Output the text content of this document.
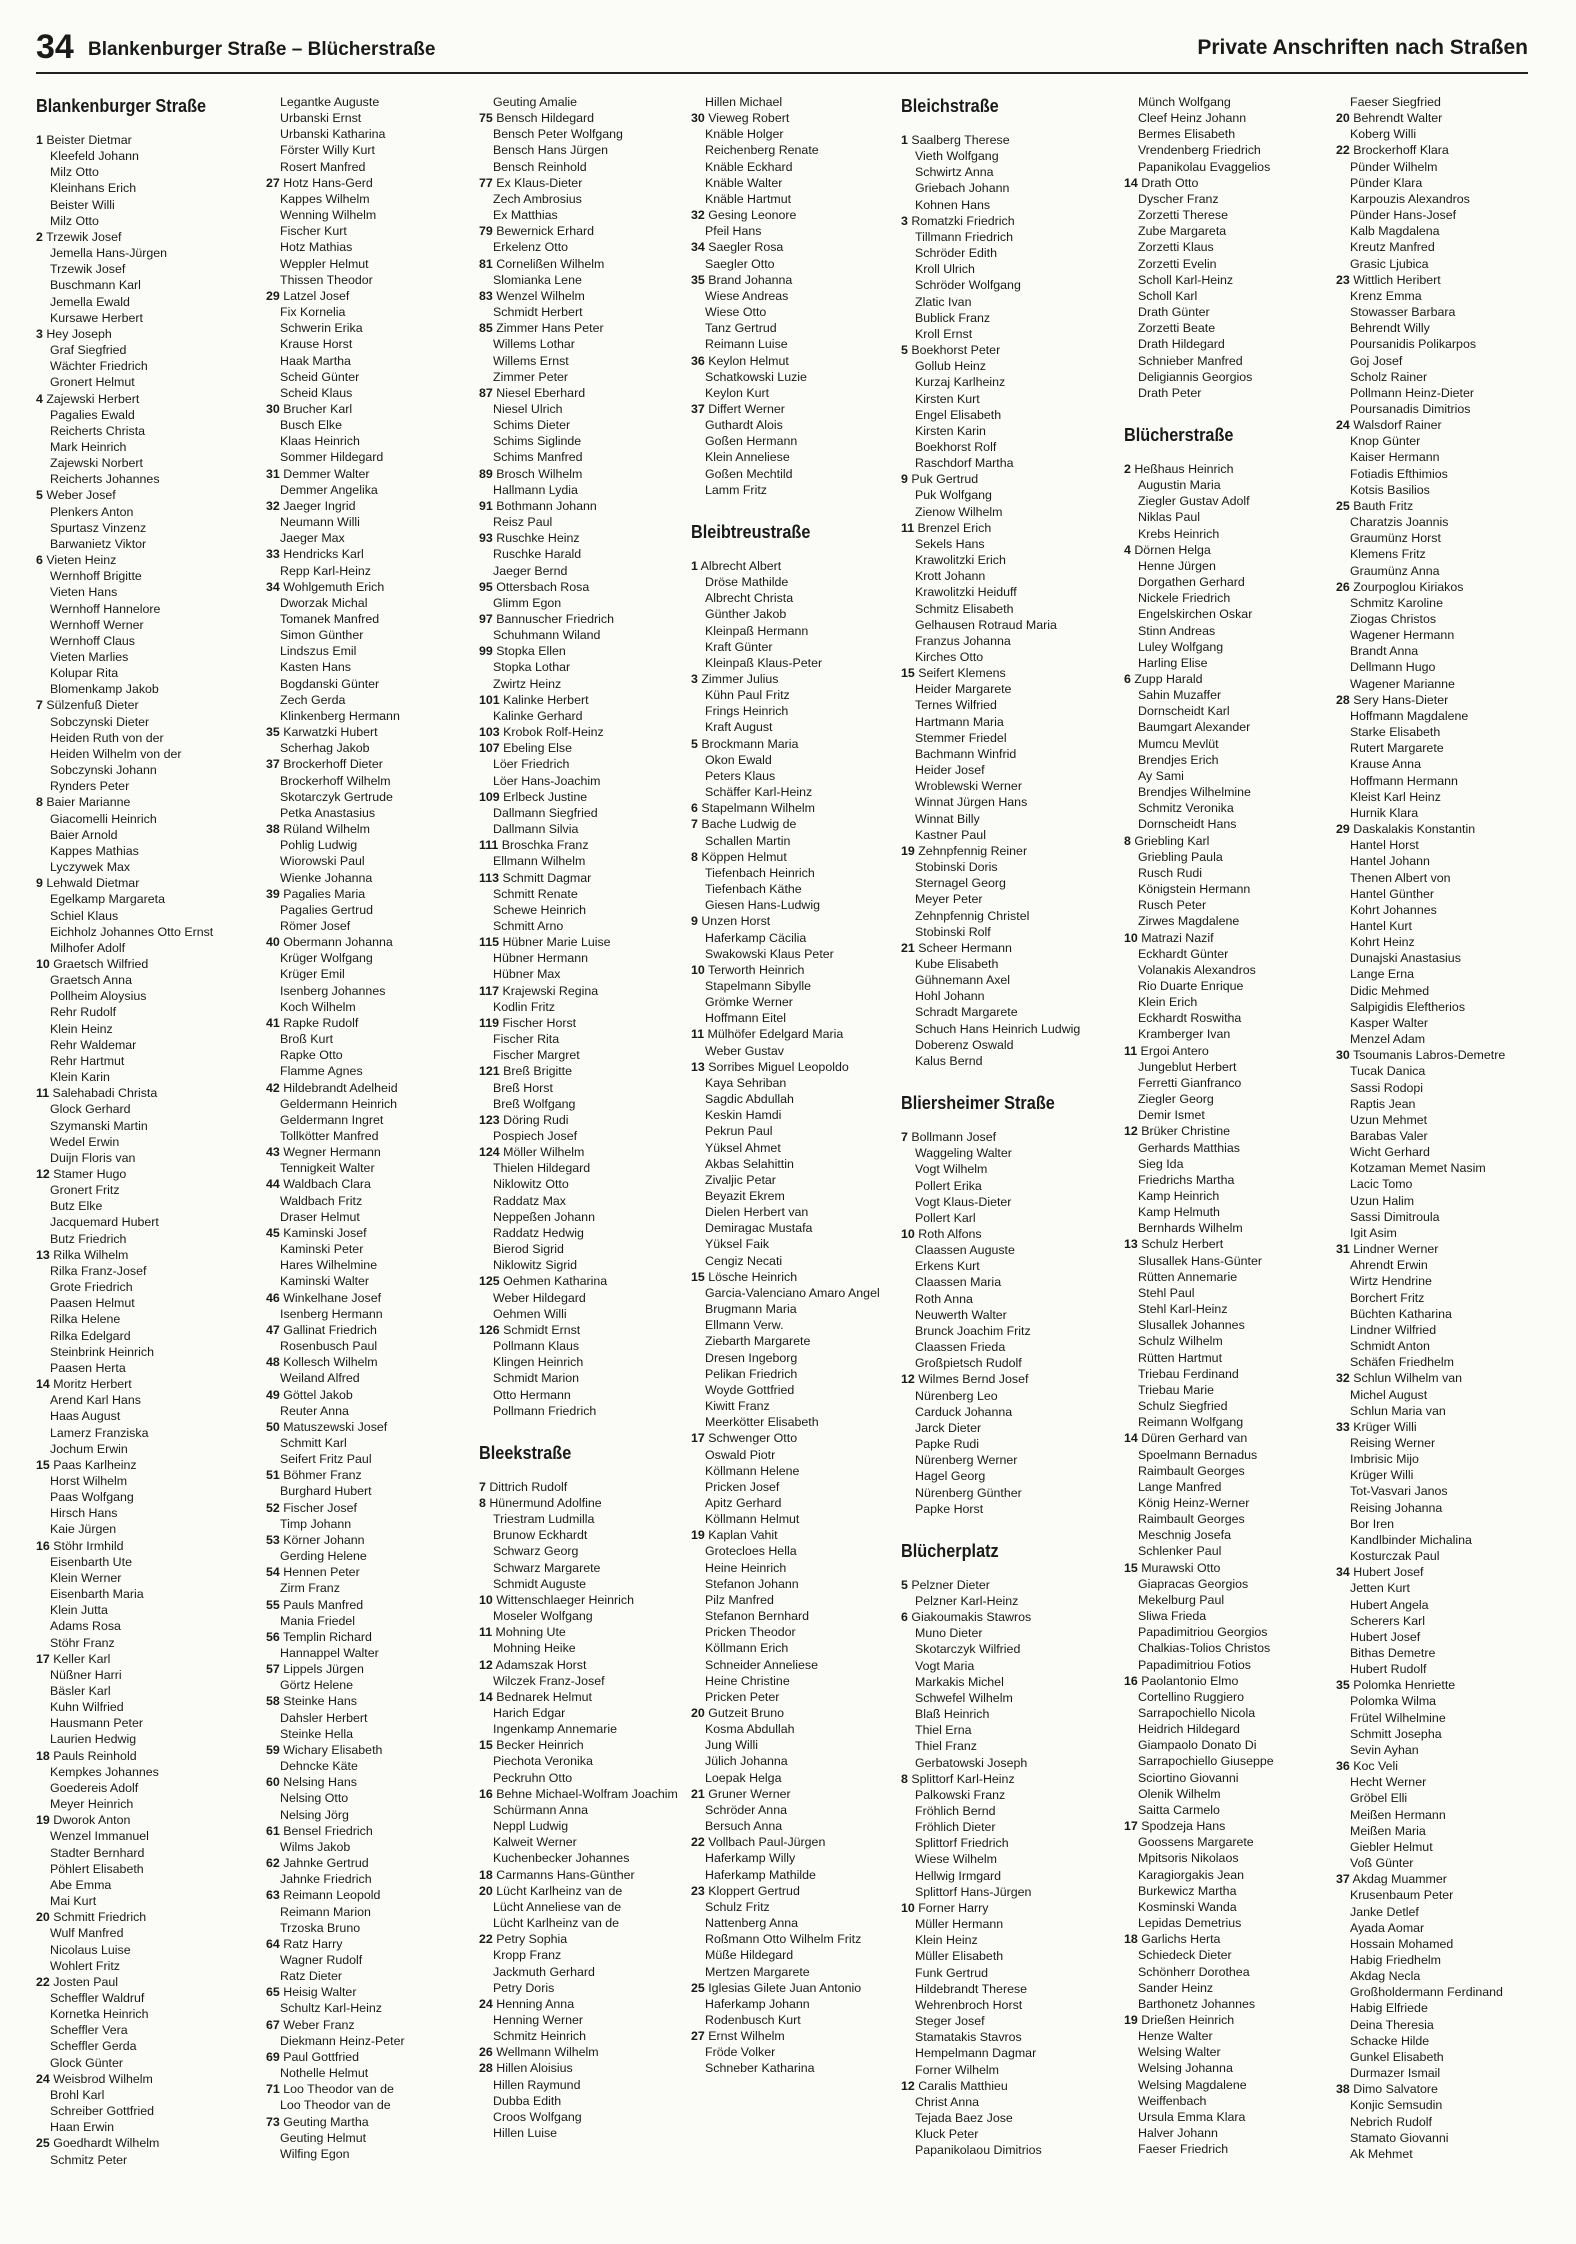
34 Blankenburger Straße – Blücherstraße	Private Anschriften nach Straßen
Blankenburger Straße
1 Beister Dietmar
Kleefeld Johann
Milz Otto
Kleinhans Erich
Beister Willi
Milz Otto
2 Trzewik Josef
Jemella Hans-Jürgen
Trzewik Josef
Buschmann Karl
Jemella Ewald
Kursawe Herbert
3 Hey Joseph
Graf Siegfried
Wächter Friedrich
Gronert Helmut
4 Zajewski Herbert
Pagalies Ewald
Reicherts Christa
Mark Heinrich
Zajewski Norbert
Reicherts Johannes
5 Weber Josef
Plenkers Anton
Spurtasz Vinzenz
Barwanietz Viktor
6 Vieten Heinz
Wernhoff Brigitte
Vieten Hans
Wernhoff Hannelore
Wernhoff Werner
Wernhoff Claus
Vieten Marlies
Kolupar Rita
Blomenkamp Jakob
7 Sülzenfuß Dieter
Sobczynski Dieter
Heiden Ruth von der
Heiden Wilhelm von der
Sobczynski Johann
Rynders Peter
8 Baier Marianne
Giacomelli Heinrich
Baier Arnold
Kappes Mathias
Lyczywek Max
9 Lehwald Dietmar
Egelkamp Margareta
Schiel Klaus
Eichholz Johannes Otto Ernst
Milhofer Adolf
10 Graetsch Wilfried
Graetsch Anna
Pollheim Aloysius
Rehr Rudolf
Klein Heinz
Rehr Waldemar
Rehr Hartmut
Klein Karin
11 Salehabadi Christa
Glock Gerhard
Szymanski Martin
Wedel Erwin
Duijn Floris van
12 Stamer Hugo
Gronert Fritz
Butz Elke
Jacquemard Hubert
Butz Friedrich
13 Rilka Wilhelm
Rilka Franz-Josef
Grote Friedrich
Paasen Helmut
Rilka Helene
Rilka Edelgard
Steinbrink Heinrich
Paasen Herta
14 Moritz Herbert
Arend Karl Hans
Haas August
Lamerz Franziska
Jochum Erwin
15 Paas Karlheinz
Horst Wilhelm
Paas Wolfgang
Hirsch Hans
Kaie Jürgen
16 Stöhr Irmhild
Eisenbarth Ute
Klein Werner
Eisenbarth Maria
Klein Jutta
Adams Rosa
Stöhr Franz
17 Keller Karl
Nüßner Harri
Bäsler Karl
Kuhn Wilfried
Hausmann Peter
Laurien Hedwig
18 Pauls Reinhold
Kempkes Johannes
Goedereis Adolf
Meyer Heinrich
19 Dworok Anton
Wenzel Immanuel
Stadter Bernhard
Pöhlert Elisabeth
Abe Emma
Mai Kurt
20 Schmitt Friedrich
Wulf Manfred
Nicolaus Luise
Wohlert Fritz
22 Josten Paul
Scheffler Waldruf
Kornetka Heinrich
Scheffler Vera
Scheffler Gerda
Glock Günter
24 Weisbrod Wilhelm
Brohl Karl
Schreiber Gottfried
Haan Erwin
25 Goedhardt Wilhelm
Schmitz Peter
Legantke Auguste
Urbanski Ernst
Urbanski Katharina
Förster Willy Kurt
Rosert Manfred
27 Hotz Hans-Gerd
Kappes Wilhelm
Wenning Wilhelm
Fischer Kurt
Hotz Mathias
Weppler Helmut
Thissen Theodor
29 Latzel Josef
Fix Kornelia
Schwerin Erika
Krause Horst
Haak Martha
Scheid Günter
Scheid Klaus
30 Brucher Karl
Busch Elke
Klaas Heinrich
Sommer Hildegard
31 Demmer Walter
Demmer Angelika
32 Jaeger Ingrid
Neumann Willi
Jaeger Max
33 Hendricks Karl
Repp Karl-Heinz
34 Wohlgemuth Erich
Dworzak Michal
Tomanek Manfred
Simon Günther
Lindszus Emil
Kasten Hans
Bogdanski Günter
Zech Gerda
Klinkenberg Hermann
35 Karwatzki Hubert
Scherhag Jakob
37 Brockerhoff Dieter
Brockerhoff Wilhelm
Skotarczyk Gertrude
Petka Anastasius
38 Rüland Wilhelm
Pohlig Ludwig
Wiorowski Paul
Wienke Johanna
39 Pagalies Maria
Pagalies Gertrud
Römer Josef
40 Obermann Johanna
Krüger Wolfgang
Krüger Emil
Isenberg Johannes
Koch Wilhelm
41 Rapke Rudolf
Broß Kurt
Rapke Otto
Flamme Agnes
42 Hildebrandt Adelheid
Geldermann Heinrich
Geldermann Ingret
Tollkötter Manfred
43 Wegner Hermann
Tennigkeit Walter
44 Waldbach Clara
Waldbach Fritz
Draser Helmut
45 Kaminski Josef
Kaminski Peter
Hares Wilhelmine
Kaminski Walter
46 Winkelhane Josef
Isenberg Hermann
47 Gallinat Friedrich
Rosenbusch Paul
48 Kollesch Wilhelm
Weiland Alfred
49 Göttel Jakob
Reuter Anna
50 Matuszewski Josef
Schmitt Karl
Seifert Fritz Paul
51 Böhmer Franz
Burghard Hubert
52 Fischer Josef
Timp Johann
53 Körner Johann
Gerding Helene
54 Hennen Peter
Zirm Franz
55 Pauls Manfred
Mania Friedel
56 Templin Richard
Hannappel Walter
57 Lippels Jürgen
Görtz Helene
58 Steinke Hans
Dahsler Herbert
Steinke Hella
59 Wichary Elisabeth
Dehncke Käte
60 Nelsing Hans
Nelsing Otto
Nelsing Jörg
61 Bensel Friedrich
Wilms Jakob
62 Jahnke Gertrud
Jahnke Friedrich
63 Reimann Leopold
Reimann Marion
Trzoska Bruno
64 Ratz Harry
Wagner Rudolf
Ratz Dieter
65 Heisig Walter
Schultz Karl-Heinz
67 Weber Franz
Diekmann Heinz-Peter
69 Paul Gottfried
Nothelle Helmut
71 Loo Theodor van de
Loo Theodor van de
73 Geuting Martha
Geuting Helmut
Wilfing Egon
Geuting Amalie
75 Bensch Hildegard
Bensch Peter Wolfgang
Bensch Hans Jürgen
Bensch Reinhold
77 Ex Klaus-Dieter
Zech Ambrosius
Ex Matthias
79 Bewernick Erhard
Erkelenz Otto
81 Cornelißen Wilhelm
Slomianka Lene
83 Wenzel Wilhelm
Schmidt Herbert
85 Zimmer Hans Peter
Willems Lothar
Willems Ernst
Zimmer Peter
87 Niesel Eberhard
Niesel Ulrich
Schims Dieter
Schims Siglinde
Schims Manfred
89 Brosch Wilhelm
Hallmann Lydia
91 Bothmann Johann
Reisz Paul
93 Ruschke Heinz
Ruschke Harald
Jaeger Bernd
95 Ottersbach Rosa
Glimm Egon
97 Bannuscher Friedrich
Schuhmann Wiland
99 Stopka Ellen
Stopka Lothar
Zwirtz Heinz
101 Kalinke Herbert
Kalinke Gerhard
103 Krobok Rolf-Heinz
107 Ebeling Else
Löer Friedrich
Löer Hans-Joachim
109 Erlbeck Justine
Dallmann Siegfried
Dallmann Silvia
111 Broschka Franz
Ellmann Wilhelm
113 Schmitt Dagmar
Schmitt Renate
Schewe Heinrich
Schmitt Arno
115 Hübner Marie Luise
Hübner Hermann
Hübner Max
117 Krajewski Regina
Kodlin Fritz
119 Fischer Horst
Fischer Rita
Fischer Margret
121 Breß Brigitte
Breß Horst
Breß Wolfgang
123 Döring Rudi
Pospiech Josef
124 Möller Wilhelm
Thielen Hildegard
Niklowitz Otto
Raddatz Max
Neppeßen Johann
Raddatz Hedwig
Bierod Sigrid
Niklowitz Sigrid
125 Oehmen Katharina
Weber Hildegard
Oehmen Willi
126 Schmidt Ernst
Pollmann Klaus
Klingen Heinrich
Schmidt Marion
Otto Hermann
Pollmann Friedrich
Bleekstraße
7 Dittrich Rudolf
8 Hünermund Adolfine
Triestram Ludmilla
Brunow Eckhardt
Schwarz Georg
Schwarz Margarete
Schmidt Auguste
10 Wittenschlaeger Heinrich
Moseler Wolfgang
11 Mohning Ute
Mohning Heike
12 Adamszak Horst
Wilczek Franz-Josef
14 Bednarek Helmut
Harich Edgar
Ingenkamp Annemarie
15 Becker Heinrich
Piechota Veronika
Peckruhn Otto
16 Behne Michael-Wolfram Joachim
Schürmann Anna
Neppl Ludwig
Kalweit Werner
Kuchenbecker Johannes
18 Carmanns Hans-Günther
20 Lücht Karlheinz van de
Lücht Anneliese van de
Lücht Karlheinz van de
22 Petry Sophia
Kropp Franz
Jackmuth Gerhard
Petry Doris
24 Henning Anna
Henning Werner
Schmitz Heinrich
26 Wellmann Wilhelm
28 Hillen Aloisius
Hillen Raymund
Dubba Edith
Croos Wolfgang
Hillen Luise
Hillen Michael
30 Vieweg Robert
Knäble Holger
Reichenberg Renate
Knäble Eckhard
Knäble Walter
Knäble Hartmut
32 Gesing Leonore
Pfeil Hans
34 Saegler Rosa
Saegler Otto
35 Brand Johanna
Wiese Andreas
Wiese Otto
Tanz Gertrud
Reimann Luise
36 Keylon Helmut
Schatkowski Luzie
Keylon Kurt
37 Differt Werner
Guthardt Alois
Goßen Hermann
Klein Anneliese
Goßen Mechtild
Lamm Fritz
Bleibtreustraße
1 Albrecht Albert
Dröse Mathilde
Albrecht Christa
Günther Jakob
Kleinpaß Hermann
Kraft Günter
Kleinpaß Klaus-Peter
3 Zimmer Julius
Kühn Paul Fritz
Frings Heinrich
Kraft August
5 Brockmann Maria
Okon Ewald
Peters Klaus
Schäffer Karl-Heinz
6 Stapelmann Wilhelm
7 Bache Ludwig de
Schallen Martin
8 Köppen Helmut
Tiefenbach Heinrich
Tiefenbach Käthe
Giesen Hans-Ludwig
9 Unzen Horst
Haferkamp Cäcilia
Swakowski Klaus Peter
10 Terworth Heinrich
Stapelmann Sibylle
Grömke Werner
Hoffmann Eitel
11 Mülhöfer Edelgard Maria
Weber Gustav
13 Sorribes Miguel Leopoldo
Kaya Sehriban
Sagdic Abdullah
Keskin Hamdi
Pekrun Paul
Yüksel Ahmet
Akbas Selahittin
Zivaljic Petar
Beyazit Ekrem
Dielen Herbert van
Demiragac Mustafa
Yüksel Faik
Cengiz Necati
15 Lösche Heinrich
Garcia-Valenciano Amaro Angel
Brugmann Maria
Ellmann Verw.
Ziebarth Margarete
Dresen Ingeborg
Pelikan Friedrich
Woyde Gottfried
Kiwitt Franz
Meerkötter Elisabeth
17 Schwenger Otto
Oswald Piotr
Köllmann Helene
Pricken Josef
Apitz Gerhard
Köllmann Helmut
19 Kaplan Vahit
Grotecloes Hella
Heine Heinrich
Stefanon Johann
Pilz Manfred
Stefanon Bernhard
Pricken Theodor
Köllmann Erich
Schneider Anneliese
Heine Christine
Pricken Peter
20 Gutzeit Bruno
Kosma Abdullah
Jung Willi
Jülich Johanna
Loepak Helga
21 Gruner Werner
Schröder Anna
Bersuch Anna
22 Vollbach Paul-Jürgen
Haferkamp Willy
Haferkamp Mathilde
23 Kloppert Gertrud
Schulz Fritz
Nattenberg Anna
Roßmann Otto Wilhelm Fritz
Müße Hildegard
Mertzen Margarete
25 Iglesias Gilete Juan Antonio
Haferkamp Johann
Rodenbusch Kurt
27 Ernst Wilhelm
Fröde Volker
Schneber Katharina
Bleichstraße
1 Saalberg Therese
Vieth Wolfgang
Schwirtz Anna
Griebach Johann
Kohnen Hans
3 Romatzki Friedrich
Tillmann Friedrich
Schröder Edith
Kroll Ulrich
Schröder Wolfgang
Zlatic Ivan
Bublick Franz
Kroll Ernst
5 Boekhorst Peter
Gollub Heinz
Kurzaj Karlheinz
Kirsten Kurt
Engel Elisabeth
Kirsten Karin
Boekhorst Rolf
Raschdorf Martha
9 Puk Gertrud
Puk Wolfgang
Zienow Wilhelm
11 Brenzel Erich
Sekels Hans
Krawolitzki Erich
Krott Johann
Krawolitzki Heiduff
Schmitz Elisabeth
Gelhausen Rotraud Maria
Franzus Johanna
Kirches Otto
15 Seifert Klemens
Heider Margarete
Ternes Wilfried
Hartmann Maria
Stemmer Friedel
Bachmann Winfrid
Heider Josef
Wroblewski Werner
Winnat Jürgen Hans
Winnat Billy
Kastner Paul
19 Zehnpfennig Reiner
Stobinski Doris
Sternagel Georg
Meyer Peter
Zehnpfennig Christel
Stobinski Rolf
21 Scheer Hermann
Kube Elisabeth
Gühnemann Axel
Hohl Johann
Schradt Margarete
Schuch Hans Heinrich Ludwig
Doberenz Oswald
Kalus Bernd
Bliersheimer Straße
7 Bollmann Josef
Waggeling Walter
Vogt Wilhelm
Pollert Erika
Vogt Klaus-Dieter
Pollert Karl
10 Roth Alfons
Claassen Auguste
Erkens Kurt
Claassen Maria
Roth Anna
Neuwerth Walter
Brunck Joachim Fritz
Claassen Frieda
Großpietsch Rudolf
12 Wilmes Bernd Josef
Nürenberg Leo
Carduck Johanna
Jarck Dieter
Papke Rudi
Nürenberg Werner
Hagel Georg
Nürenberg Günther
Papke Horst
Blücherplatz
5 Pelzner Dieter
Pelzner Karl-Heinz
6 Giakoumakis Stawros
Muno Dieter
Skotarczyk Wilfried
Vogt Maria
Markakis Michel
Schwefel Wilhelm
Blaß Heinrich
Thiel Erna
Thiel Franz
Gerbatowski Joseph
8 Splittorf Karl-Heinz
Palkowski Franz
Fröhlich Bernd
Fröhlich Dieter
Splittorf Friedrich
Wiese Wilhelm
Hellwig Irmgard
Splittorf Hans-Jürgen
10 Forner Harry
Müller Hermann
Klein Heinz
Müller Elisabeth
Funk Gertrud
Hildebrandt Therese
Wehrenbroch Horst
Steger Josef
Stamatakis Stavros
Hempelmann Dagmar
Forner Wilhelm
12 Caralis Matthieu
Christ Anna
Tejada Baez Jose
Kluck Peter
Papanikolaou Dimitrios
Münch Wolfgang
Cleef Heinz Johann
Bermes Elisabeth
Vrendenberg Friedrich
Papanikolau Evaggelios
14 Drath Otto
Dyscher Franz
Zorzetti Therese
Zube Margareta
Zorzetti Klaus
Zorzetti Evelin
Scholl Karl-Heinz
Scholl Karl
Drath Günter
Zorzetti Beate
Drath Hildegard
Schnieber Manfred
Deligiannis Georgios
Drath Peter
Blücherstraße
2 Heßhaus Heinrich
Augustin Maria
Ziegler Gustav Adolf
Niklas Paul
Krebs Heinrich
4 Dörnen Helga
Henne Jürgen
Dorgathen Gerhard
Nickele Friedrich
Engelskirchen Oskar
Stinn Andreas
Luley Wolfgang
Harling Elise
6 Zupp Harald
Sahin Muzaffer
Dornscheidt Karl
Baumgart Alexander
Mumcu Mevlüt
Brendjes Erich
Ay Sami
Brendjes Wilhelmine
Schmitz Veronika
Dornscheidt Hans
8 Griebling Karl
Griebling Paula
Rusch Rudi
Königstein Hermann
Rusch Peter
Zirwes Magdalene
10 Matrazi Nazif
Eckhardt Günter
Volanakis Alexandros
Rio Duarte Enrique
Klein Erich
Eckhardt Roswitha
Kramberger Ivan
11 Ergoi Antero
Jungeblut Herbert
Ferretti Gianfranco
Ziegler Georg
Demir Ismet
12 Brüker Christine
Gerhards Matthias
Sieg Ida
Friedrichs Martha
Kamp Heinrich
Kamp Helmuth
Bernhards Wilhelm
13 Schulz Herbert
Slusallek Hans-Günter
Rütten Annemarie
Stehl Paul
Stehl Karl-Heinz
Slusallek Johannes
Schulz Wilhelm
Rütten Hartmut
Triebau Ferdinand
Triebau Marie
Schulz Siegfried
Reimann Wolfgang
14 Düren Gerhard van
Spoelmann Bernadus
Raimbault Georges
Lange Manfred
König Heinz-Werner
Raimbault Georges
Meschnig Josefa
Schlenker Paul
15 Murawski Otto
Giapracas Georgios
Mekelburg Paul
Sliwa Frieda
Papadimitriou Georgios
Chalkias-Tolios Christos
Papadimitriou Fotios
16 Paolantonio Elmo
Cortellino Ruggiero
Sarrapochiello Nicola
Heidrich Hildegard
Giampaolo Donato Di
Sarrapochiello Giuseppe
Sciortino Giovanni
Olenik Wilhelm
Saitta Carmelo
17 Spodzeja Hans
Goossens Margarete
Mpitsoris Nikolaos
Karagiorgakis Jean
Burkewicz Martha
Kosminski Wanda
Lepidas Demetrius
18 Garlichs Herta
Schiedeck Dieter
Schönherr Dorothea
Sander Heinz
Barthonetz Johannes
19 Drießen Heinrich
Henze Walter
Welsing Walter
Welsing Johanna
Welsing Magdalene
Weiffenbach
Ursula Emma Klara
Halver Johann
Faeser Friedrich
Faeser Siegfried
20 Behrendt Walter
Koberg Willi
22 Brockerhoff Klara
Pünder Wilhelm
Pünder Klara
Karpouzis Alexandros
Pünder Hans-Josef
Kalb Magdalena
Kreutz Manfred
Grasic Ljubica
23 Wittlich Heribert
Krenz Emma
Stowasser Barbara
Behrendt Willy
Poursanidis Polikarpos
Goj Josef
Scholz Rainer
Pollmann Heinz-Dieter
Poursanadis Dimitrios
24 Walsdorf Rainer
Knop Günter
Kaiser Hermann
Fotiadis Efthimios
Kotsis Basilios
25 Bauth Fritz
Charatzis Joannis
Graumünz Horst
Klemens Fritz
Graumünz Anna
26 Zourpoglou Kiriakos
Schmitz Karoline
Ziogas Christos
Wagener Hermann
Brandt Anna
Dellmann Hugo
Wagener Marianne
28 Sery Hans-Dieter
Hoffmann Magdalene
Starke Elisabeth
Rutert Margarete
Krause Anna
Hoffmann Hermann
Kleist Karl Heinz
Hurnik Klara
29 Daskalakis Konstantin
Hantel Horst
Hantel Johann
Thenen Albert von
Hantel Günther
Kohrt Johannes
Hantel Kurt
Kohrt Heinz
Dunajski Anastasius
Lange Erna
Didic Mehmed
Salpigidis Eleftherios
Kasper Walter
Menzel Adam
30 Tsoumanis Labros-Demetre
Tucak Danica
Sassi Rodopi
Raptis Jean
Uzun Mehmet
Barabas Valer
Wicht Gerhard
Kotzaman Memet Nasim
Lacic Tomo
Uzun Halim
Sassi Dimitroula
Igit Asim
31 Lindner Werner
Ahrendt Erwin
Wirtz Hendrine
Borchert Fritz
Büchten Katharina
Lindner Wilfried
Schmidt Anton
Schäfen Friedhelm
32 Schlun Wilhelm van
Michel August
Schlun Maria van
33 Krüger Willi
Reising Werner
Imbrisic Mijo
Krüger Willi
Tot-Vasvari Janos
Reising Johanna
Bor Iren
Kandlbinder Michalina
Kosturczak Paul
34 Hubert Josef
Jetten Kurt
Hubert Angela
Scherers Karl
Hubert Josef
Bithas Demetre
Hubert Rudolf
35 Polomka Henriette
Polomka Wilma
Frütel Wilhelmine
Schmitt Josepha
Sevin Ayhan
36 Koc Veli
Hecht Werner
Gröbel Elli
Meißen Hermann
Meißen Maria
Giebler Helmut
Voß Günter
37 Akdag Muammer
Krusenbaum Peter
Janke Detlef
Ayada Aomar
Hossain Mohamed
Habig Friedhelm
Akdag Necla
Großholdermann Ferdinand
Habig Elfriede
Deina Theresia
Schacke Hilde
Gunkel Elisabeth
Durmazer Ismail
38 Dimo Salvatore
Konjic Semsudin
Nebrich Rudolf
Stamato Giovanni
Ak Mehmet
